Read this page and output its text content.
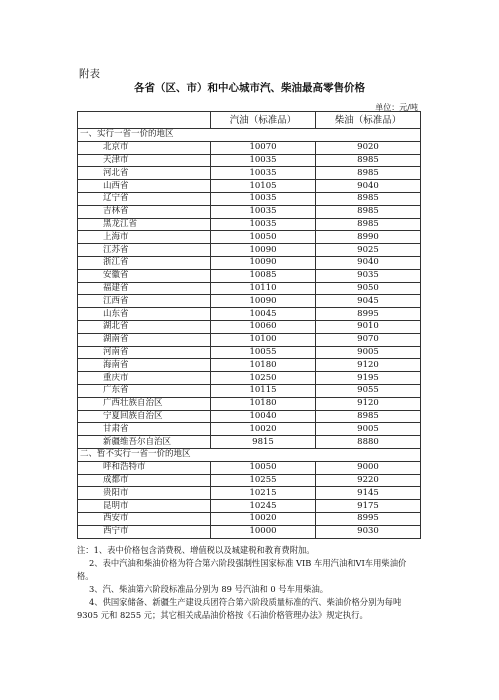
附表
各省（区、市）和中心城市汽、柴油最高零售价格
单位：元/吨
	汽油（标准品）	柴油（标准品）
一、实行一省一价的地区		
北京市	10070	9020
天津市	10035	8985
河北省	10035	8985
山西省	10105	9040
辽宁省	10035	8985
吉林省	10035	8985
黑龙江省	10035	8985
上海市	10050	8990
江苏省	10090	9025
浙江省	10090	9040
安徽省	10085	9035
福建省	10110	9050
江西省	10090	9045
山东省	10045	8995
湖北省	10060	9010
湖南省	10100	9070
河南省	10055	9005
海南省	10180	9120
重庆市	10250	9195
广东省	10115	9055
广西壮族自治区	10180	9120
宁夏回族自治区	10040	8985
甘肃省	10020	9005
新疆维吾尔自治区	9815	8880
二、暂不实行一省一价的地区		
呼和浩特市	10050	9000
成都市	10255	9220
贵阳市	10215	9145
昆明市	10245	9175
西安市	10020	8995
西宁市	10000	9030

注：1、表中价格包含消费税、增值税以及城建税和教育费附加。

2、表中汽油和柴油价格为符合第六阶段强制性国家标准 VIB 车用汽油和VI车用柴油价格。

3、汽、柴油第六阶段标准品分别为 89 号汽油和 0 号车用柴油。

4、供国家储备、新疆生产建设兵团符合第六阶段质量标准的汽、柴油价格分别为每吨 9305 元和 8255 元；其它相关成品油价格按《石油价格管理办法》规定执行。
